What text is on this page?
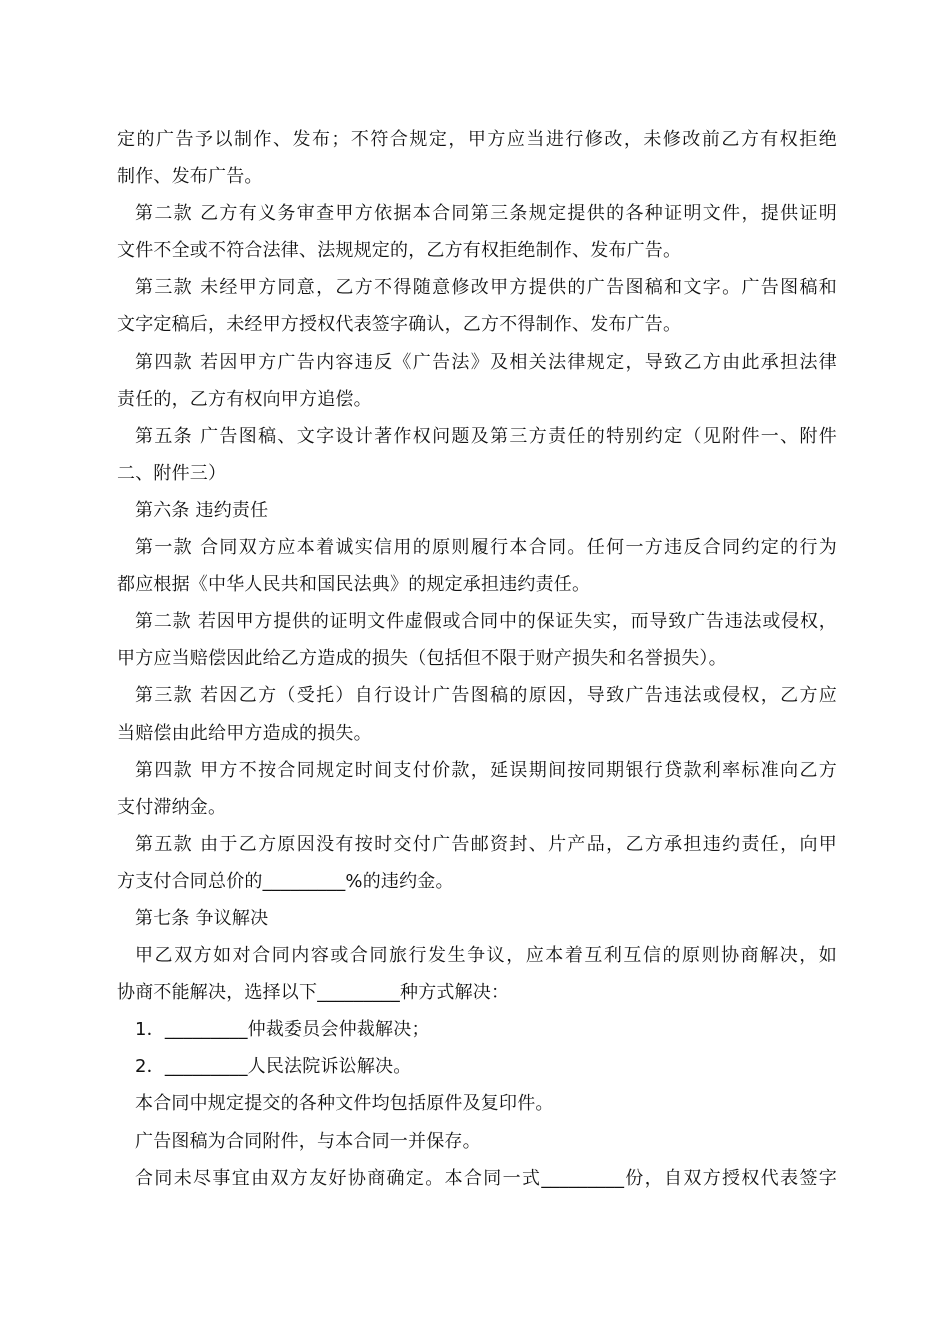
定的广告予以制作、发布；不符合规定，甲方应当进行修改，未修改前乙方有权拒绝
制作、发布广告。
第二款 乙方有义务审查甲方依据本合同第三条规定提供的各种证明文件，提供证明
文件不全或不符合法律、法规规定的，乙方有权拒绝制作、发布广告。
第三款 未经甲方同意，乙方不得随意修改甲方提供的广告图稿和文字。广告图稿和
文字定稿后，未经甲方授权代表签字确认，乙方不得制作、发布广告。
第四款 若因甲方广告内容违反《广告法》及相关法律规定，导致乙方由此承担法律
责任的，乙方有权向甲方追偿。
第五条 广告图稿、文字设计著作权问题及第三方责任的特别约定（见附件一、附件
二、附件三）
第六条 违约责任
第一款 合同双方应本着诚实信用的原则履行本合同。任何一方违反合同约定的行为
都应根据《中华人民共和国民法典》的规定承担违约责任。
第二款 若因甲方提供的证明文件虚假或合同中的保证失实，而导致广告违法或侵权，
甲方应当赔偿因此给乙方造成的损失（包括但不限于财产损失和名誉损失）。
第三款 若因乙方（受托）自行设计广告图稿的原因，导致广告违法或侵权，乙方应
当赔偿由此给甲方造成的损失。
第四款 甲方不按合同规定时间支付价款，延误期间按同期银行贷款利率标准向乙方
支付滞纳金。
第五款 由于乙方原因没有按时交付广告邮资封、片产品，乙方承担违约责任，向甲
方支付合同总价的_________%的违约金。
第七条 争议解决
甲乙双方如对合同内容或合同旅行发生争议，应本着互利互信的原则协商解决，如
协商不能解决，选择以下_________种方式解决：
1．_________仲裁委员会仲裁解决；
2．_________人民法院诉讼解决。
本合同中规定提交的各种文件均包括原件及复印件。
广告图稿为合同附件，与本合同一并保存。
合同未尽事宜由双方友好协商确定。本合同一式_________份，自双方授权代表签字
